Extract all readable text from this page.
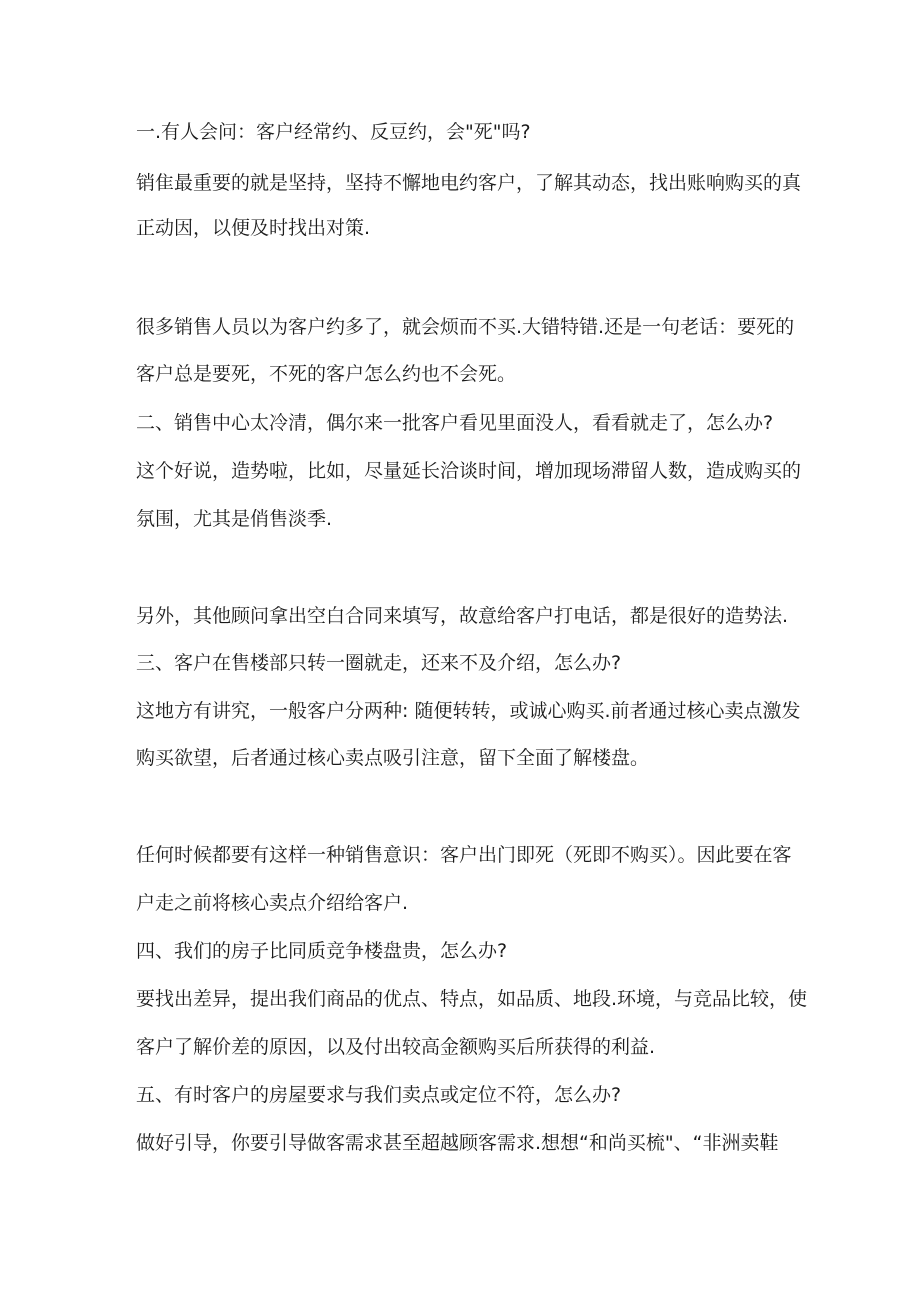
一.有人会问：客户经常约、反豆约，会"死"吗?

销隹最重要的就是坚持，坚持不懈地电约客户，了解其动态，找出账响购买的真

正动因，以便及时找出对策.

很多销售人员以为客户约多了，就会烦而不买.大错特错.还是一句老话：要死的

客户总是要死，不死的客户怎么约也不会死。

二、销售中心太冷清，偶尔来一批客户看见里面没人，看看就走了，怎么办?

这个好说，造势啦，比如，尽量延长洽谈时间，增加现场滞留人数，造成购买的

氛围，尤其是俏售淡季.

另外，其他顾问拿出空白合同来填写，故意给客户打电话，都是很好的造势法.

三、客户在售楼部只转一圈就走，还来不及介绍，怎么办?

这地方有讲究，一般客户分两种: 随便转转，或诚心购买.前者通过核心卖点激发

购买欲望，后者通过核心卖点吸引注意，留下全面了解楼盘。

任何时候都要有这样一种销售意识：客户出门即死（死即不购买）。因此要在客

户走之前将核心卖点介绍给客户.

四、我们的房子比同质竞争楼盘贵，怎么办?

要找出差异，提出我们商品的优点、特点，如品质、地段.环境，与竞品比较，使

客户了解价差的原因，以及付出较高金额购买后所获得的利益.

五、有时客户的房屋要求与我们卖点或定位不符，怎么办?

做好引导，你要引导做客需求甚至超越顾客需求.想想“和尚买梳"、“非洲卖鞋
